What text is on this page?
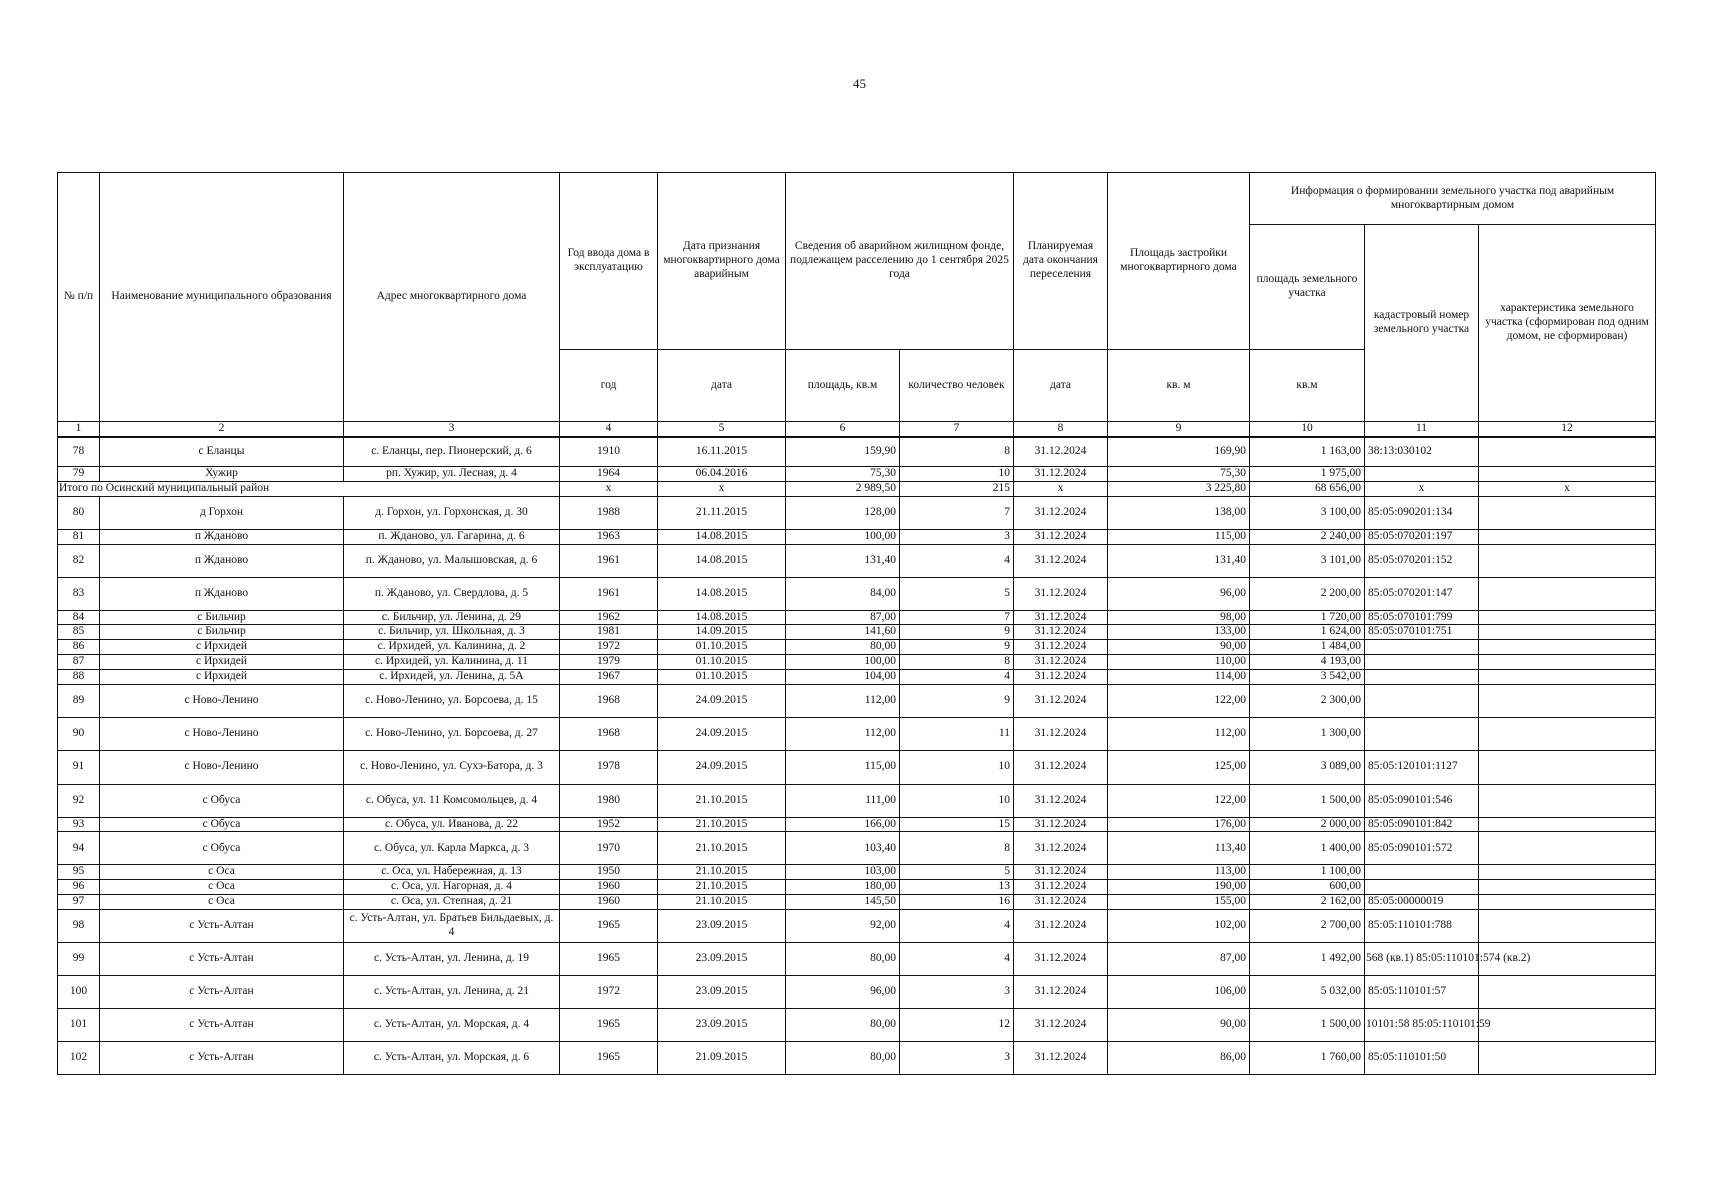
45
№ п/п	Наименование муниципального образования	Адрес многоквартирного дома	Год ввода дома в эксплуатацию	Дата признания многоквартирного дома аварийным	Сведения об аварийном жилищном фонде, подлежащем расселению до 1 сентября 2025 года		Планируемая дата окончания переселения	Площадь застройки многоквартирного дома	Информация о формировании земельного участка под аварийным многоквартирным домом		
									площадь земельного участка	кадастровый номер земельного участка	характеристика земельного участка (сформирован под одним домом, не сформирован)
			год	дата	площадь, кв.м	количество человек	дата	кв. м	кв.м		
1	2	3	4	5	6	7	8	9	10	11	12
78	с Еланцы	с. Еланцы, пер. Пионерский, д. 6	1910	16.11.2015	159,90	8	31.12.2024	169,90	1 163,00	38:13:030102	
79	Хужир	рп. Хужир, ул. Лесная, д. 4	1964	06.04.2016	75,30	10	31.12.2024	75,30	1 975,00		
Итого по Осинский муниципальный район			x	x	2 989,50	215	x	3 225,80	68 656,00	x	x
80	д Горхон	д. Горхон, ул. Горхонская, д. 30	1988	21.11.2015	128,00	7	31.12.2024	138,00	3 100,00	85:05:090201:134	
81	п Жданово	п. Жданово, ул. Гагарина, д. 6	1963	14.08.2015	100,00	3	31.12.2024	115,00	2 240,00	85:05:070201:197	
82	п Жданово	п. Жданово, ул. Малышовская, д. 6	1961	14.08.2015	131,40	4	31.12.2024	131,40	3 101,00	85:05:070201:152	
83	п Жданово	п. Жданово, ул. Свердлова, д. 5	1961	14.08.2015	84,00	5	31.12.2024	96,00	2 200,00	85:05:070201:147	
84	с Бильчир	с. Бильчир, ул. Ленина, д. 29	1962	14.08.2015	87,00	7	31.12.2024	98,00	1 720,00	85:05:070101:799	
85	с Бильчир	с. Бильчир, ул. Школьная, д. 3	1981	14.09.2015	141,60	9	31.12.2024	133,00	1 624,00	85:05:070101:751	
86	с Ирхидей	с. Ирхидей, ул. Калинина, д. 2	1972	01.10.2015	80,00	9	31.12.2024	90,00	1 484,00		
87	с Ирхидей	с. Ирхидей, ул. Калинина, д. 11	1979	01.10.2015	100,00	8	31.12.2024	110,00	4 193,00		
88	с Ирхидей	с. Ирхидей, ул. Ленина, д. 5А	1967	01.10.2015	104,00	4	31.12.2024	114,00	3 542,00		
89	с Ново-Ленино	с. Ново-Ленино, ул. Борсоева, д. 15	1968	24.09.2015	112,00	9	31.12.2024	122,00	2 300,00		
90	с Ново-Ленино	с. Ново-Ленино, ул. Борсоева, д. 27	1968	24.09.2015	112,00	11	31.12.2024	112,00	1 300,00		
91	с Ново-Ленино	с. Ново-Ленино, ул. Сухэ-Батора, д. 3	1978	24.09.2015	115,00	10	31.12.2024	125,00	3 089,00	85:05:120101:1127	
92	с Обуса	с. Обуса, ул. 11 Комсомольцев, д. 4	1980	21.10.2015	111,00	10	31.12.2024	122,00	1 500,00	85:05:090101:546	
93	с Обуса	с. Обуса, ул. Иванова, д. 22	1952	21.10.2015	166,00	15	31.12.2024	176,00	2 000,00	85:05:090101:842	
94	с Обуса	с. Обуса, ул. Карла Маркса, д. 3	1970	21.10.2015	103,40	8	31.12.2024	113,40	1 400,00	85:05:090101:572	
95	с Оса	с. Оса, ул. Набережная, д. 13	1950	21.10.2015	103,00	5	31.12.2024	113,00	1 100,00		
96	с Оса	с. Оса, ул. Нагорная, д. 4	1960	21.10.2015	180,00	13	31.12.2024	190,00	600,00		
97	с Оса	с. Оса, ул. Степная, д. 21	1960	21.10.2015	145,50	16	31.12.2024	155,00	2 162,00	85:05:00000019	
98	с Усть-Алтан	с. Усть-Алтан, ул. Братьев Бильдаевых, д. 4	1965	23.09.2015	92,00	4	31.12.2024	102,00	2 700,00	85:05:110101:788	
99	с Усть-Алтан	с. Усть-Алтан, ул. Ленина, д. 19	1965	23.09.2015	80,00	4	31.12.2024	87,00	1 492,00	568 (кв.1) 85:05:110101:574 (кв.2)	
100	с Усть-Алтан	с. Усть-Алтан, ул. Ленина, д. 21	1972	23.09.2015	96,00	3	31.12.2024	106,00	5 032,00	85:05:110101:57	
101	с Усть-Алтан	с. Усть-Алтан, ул. Морская, д. 4	1965	23.09.2015	80,00	12	31.12.2024	90,00	1 500,00	10101:58 85:05:110101:59	
102	с Усть-Алтан	с. Усть-Алтан, ул. Морская, д. 6	1965	21.09.2015	80,00	3	31.12.2024	86,00	1 760,00	85:05:110101:50	
